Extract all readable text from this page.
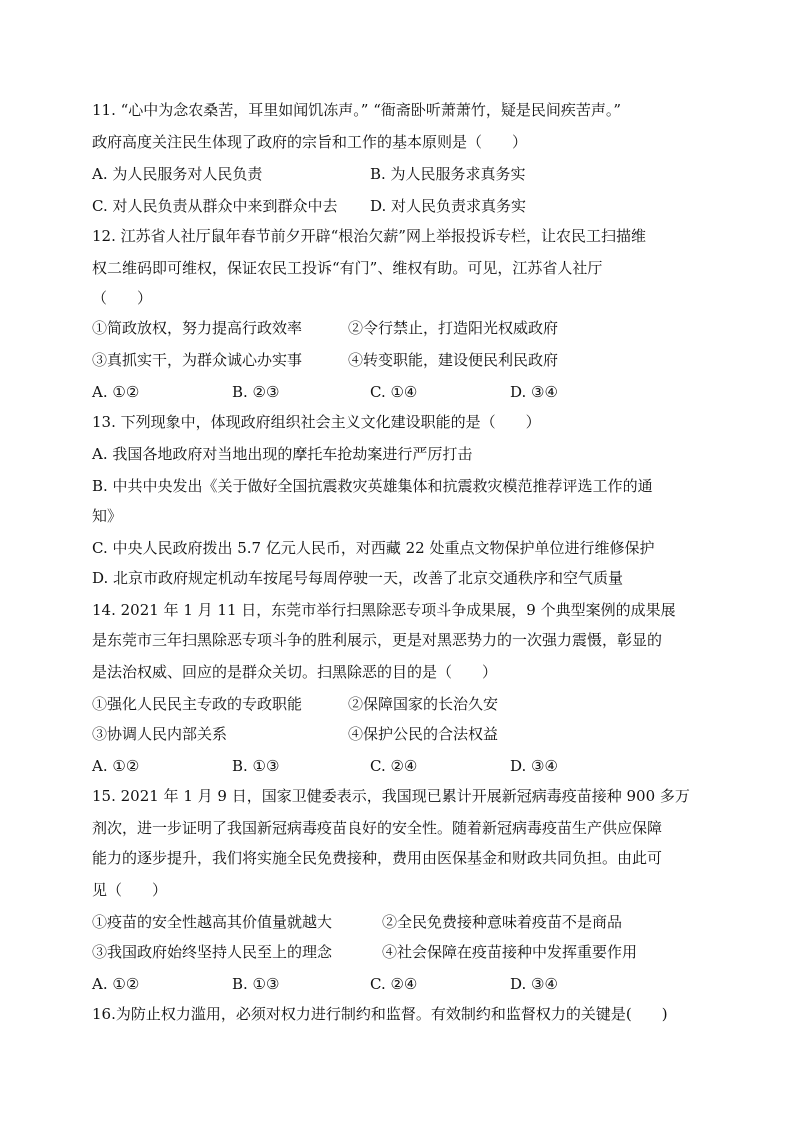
11. “心中为念农桑苦，耳里如闻饥冻声。” “衙斋卧听萧萧竹，疑是民间疾苦声。”
政府高度关注民生体现了政府的宗旨和工作的基本原则是（　　）
A. 为人民服务对人民负责	B. 为人民服务求真务实
C. 对人民负责从群众中来到群众中去 D. 对人民负责求真务实
12. 江苏省人社厅鼠年春节前夕开辟“根治欠薪”网上举报投诉专栏，让农民工扫描维
权二维码即可维权，保证农民工投诉“有门”、维权有助。可见，江苏省人社厅
（　　）
①简政放权，努力提高行政效率	②令行禁止，打造阳光权威政府
③真抓实干，为群众诚心办实事	④转变职能，建设便民利民政府
A. ①②	B. ②③	C. ①④	D. ③④
13. 下列现象中，体现政府组织社会主义文化建设职能的是（　　）
A. 我国各地政府对当地出现的摩托车抢劫案进行严厉打击
B. 中共中央发出《关于做好全国抗震救灾英雄集体和抗震救灾模范推荐评选工作的通
知》
C. 中央人民政府拨出 5.7 亿元人民币，对西藏 22 处重点文物保护单位进行维修保护
D. 北京市政府规定机动车按尾号每周停驶一天，改善了北京交通秩序和空气质量
14. 2021 年 1 月 11 日，东莞市举行扫黑除恶专项斗争成果展，9 个典型案例的成果展
是东莞市三年扫黑除恶专项斗争的胜利展示，更是对黑恶势力的一次强力震慑，彰显的
是法治权威、回应的是群众关切。扫黑除恶的目的是（　　）
①强化人民民主专政的专政职能	②保障国家的长治久安
③协调人民内部关系	④保护公民的合法权益
A. ①②	B. ①③	C. ②④	D. ③④
15. 2021 年 1 月 9 日，国家卫健委表示，我国现已累计开展新冠病毒疫苗接种 900 多万
剂次，进一步证明了我国新冠病毒疫苗良好的安全性。随着新冠病毒疫苗生产供应保障
能力的逐步提升，我们将实施全民免费接种，费用由医保基金和财政共同负担。由此可
见（　　）
①疫苗的安全性越高其价值量就越大	②全民免费接种意味着疫苗不是商品
③我国政府始终坚持人民至上的理念	④社会保障在疫苗接种中发挥重要作用
A. ①②	B. ①③	C. ②④	D. ③④
16.为防止权力滥用，必须对权力进行制约和监督。有效制约和监督权力的关键是(　　)
